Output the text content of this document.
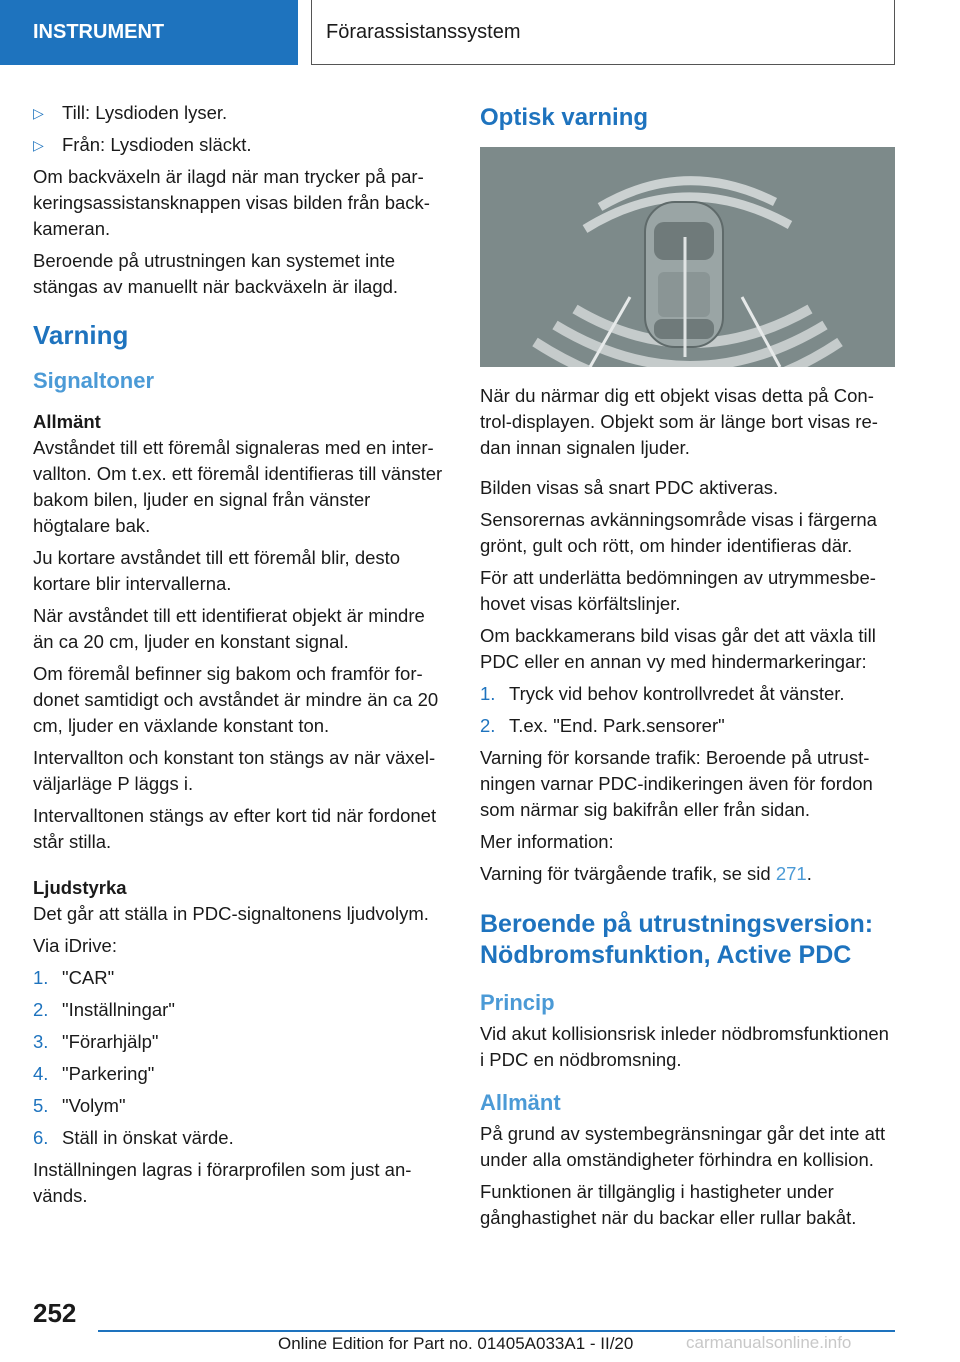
INSTRUMENT	Förarassistanssystem
▷ Till: Lysdioden lyser.
▷ Från: Lysdioden släckt.

Om backväxeln är ilagd när man trycker på parkeringsassistansknappen visas bilden från backkameran.

Beroende på utrustningen kan systemet inte stängas av manuellt när backväxeln är ilagd.

Varning
Signaltoner
Allmänt

Avståndet till ett föremål signaleras med en intervallton. Om t.ex. ett föremål identifieras till vänster bakom bilen, ljuder en signal från vänster högtalare bak.

Ju kortare avståndet till ett föremål blir, desto kortare blir intervallerna.

När avståndet till ett identifierat objekt är mindre än ca 20 cm, ljuder en konstant signal.

Om föremål befinner sig bakom och framför fordonet samtidigt och avståndet är mindre än ca 20 cm, ljuder en växlande konstant ton.

Intervallton och konstant ton stängs av när växelväljarläge P läggs i.

Intervalltonen stängs av efter kort tid när fordonet står stilla.

Ljudstyrka

Det går att ställa in PDC-signaltonens ljudvolym.

Via iDrive:

1. "CAR"
2. "Inställningar"
3. "Förarhjälp"
4. "Parkering"
5. "Volym"
6. Ställ in önskat värde.

Inställningen lagras i förarprofilen som just används.

Optisk varning

När du närmar dig ett objekt visas detta på Control-displayen. Objekt som är länge bort visas redan innan signalen ljuder.

Bilden visas så snart PDC aktiveras.

Sensorernas avkänningsområde visas i färgerna grönt, gult och rött, om hinder identifieras där.

För att underlätta bedömningen av utrymmesbehovet visas körfältslinjer.

Om backkamerans bild visas går det att växla till PDC eller en annan vy med hindermarkeringar:

1. Tryck vid behov kontrollvredet åt vänster.
2. T.ex. "End. Park.sensorer"

Varning för korsande trafik: Beroende på utrustningen varnar PDC-indikeringen även för fordon som närmar sig bakifrån eller från sidan.

Mer information:

Varning för tvärgående trafik, se sid 271.

Beroende på utrustningsversion: Nödbromsfunktion, Active PDC
Princip

Vid akut kollisionsrisk inleder nödbromsfunktionen i PDC en nödbromsning.

Allmänt

På grund av systembegränsningar går det inte att under alla omständigheter förhindra en kollision.

Funktionen är tillgänglig i hastigheter under gånghastighet när du backar eller rullar bakåt.

252
Online Edition for Part no. 01405A033A1 - II/20	carmanualsonline.info
